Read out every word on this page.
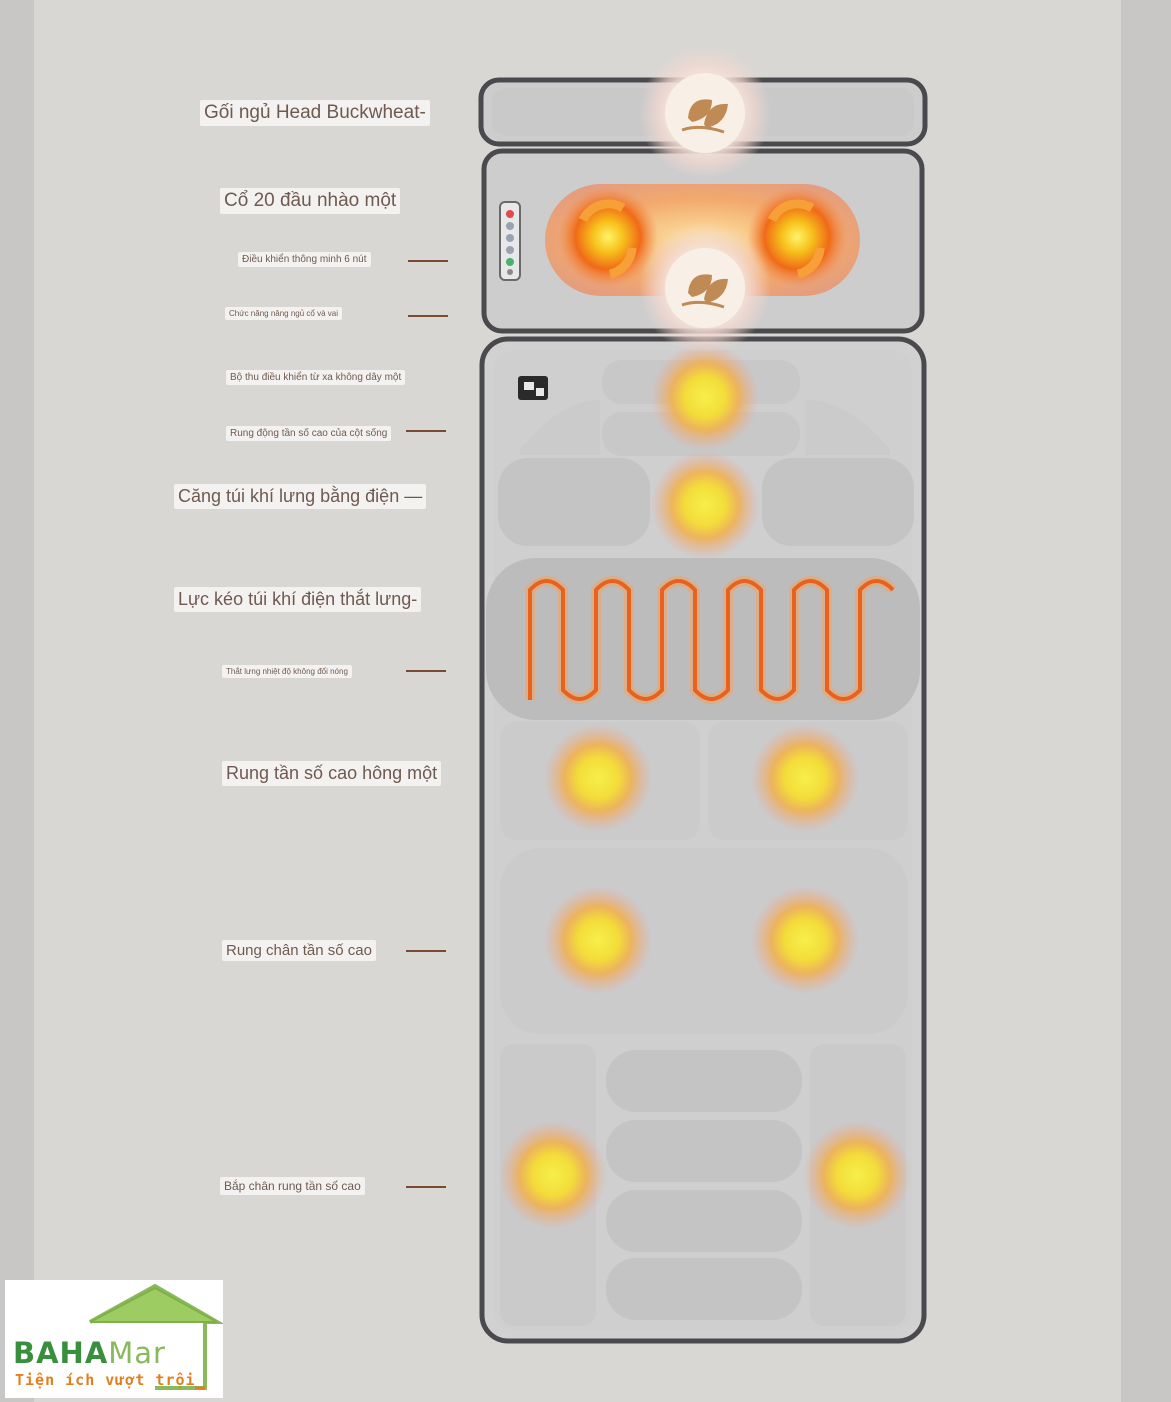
Gối ngủ Head Buckwheat-
Cổ 20 đầu nhào một
Điều khiển thông minh 6 nút
Chức năng nâng ngủ cổ và vai
Bộ thu điều khiển từ xa không dây một
Rung động tần số cao của cột sống
Căng túi khí lưng bằng điện —
Lực kéo túi khí điện thắt lưng-
Thắt lưng nhiệt độ không đổi nóng
Rung tần số cao hông một
Rung chân tần số cao
Bắp chân rung tần số cao
BAHAMar
Tiện ích vượt trội
